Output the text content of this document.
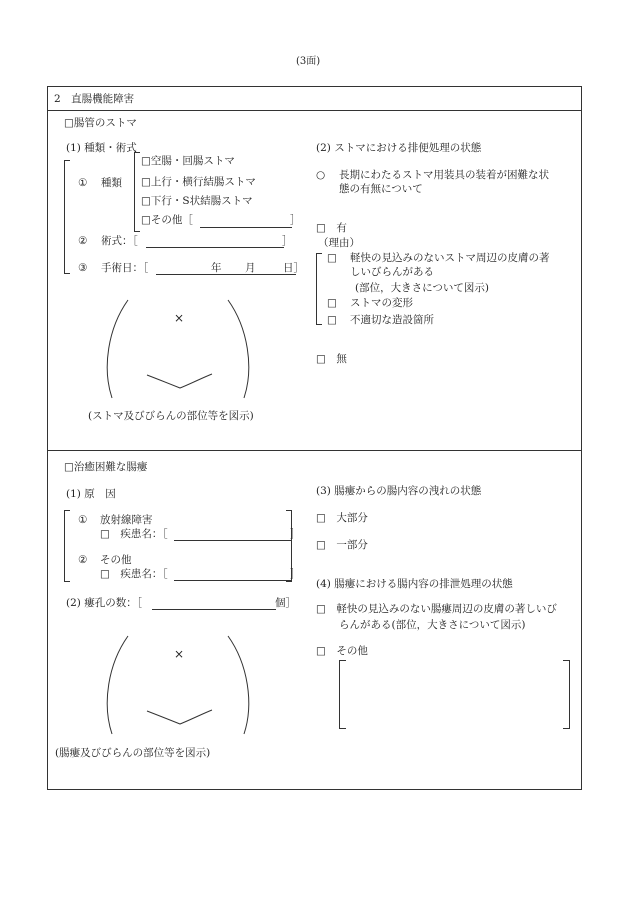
(3面)
2　直腸機能障害
□腸管のストマ
(1) 種類・術式
① 種類
□空腸・回腸ストマ
□上行・横行結腸ストマ
□下行・S状結腸ストマ
□その他［	］
② 術式：［	］
③ 手術日：［	年 月	日］
×
(ストマ及びびらんの部位等を図示)
(2) ストマにおける排便処理の状態
○ 長期にわたるストマ用装具の装着が困難な状
態の有無について
□　有
（理由）
□ 軽快の見込みのないストマ周辺の皮膚の著
しいびらんがある
(部位，大きさについて図示)
□ ストマの変形
□ 不適切な造設箇所
□　無
□治癒困難な腸瘻
(1) 原　因
① 放射線障害
□　疾患名：［	］
② その他
□　疾患名：［	］
(2) 瘻孔の数：［	個］
×
(腸瘻及びびらんの部位等を図示)
(3) 腸瘻からの腸内容の洩れの状態
□　大部分
□　一部分
(4) 腸瘻における腸内容の排泄処理の状態
□　軽快の見込みのない腸瘻周辺の皮膚の著しいび
らんがある(部位，大きさについて図示)
□　その他
